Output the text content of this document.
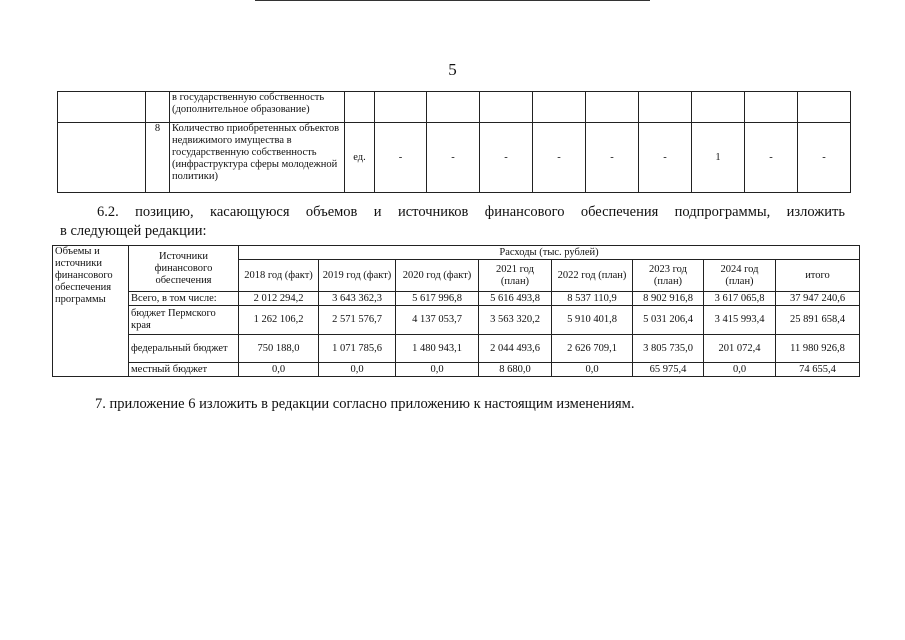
5
		в государственную собственность (дополнительное образование)										
	8	Количество приобретенных объектов недвижимого имущества в государственную собственность (инфраструктура сферы молодежной политики)	ед.	-	-	-	-	-	-	1	-	-
6.2. позицию, касающуюся объемов и источников финансового обеспечения подпрограммы, изложить
в следующей редакции:
Объемы и источники финансового обеспечения программы	Источники финансового обеспечения	Расходы (тыс. рублей)							
		2018 год (факт)	2019 год (факт)	2020 год (факт)	2021 год (план)	2022 год (план)	2023 год (план)	2024 год (план)	итого
	Всего, в том числе:	2 012 294,2	3 643 362,3	5 617 996,8	5 616 493,8	8 537 110,9	8 902 916,8	3 617 065,8	37 947 240,6
	бюджет Пермского края	1 262 106,2	2 571 576,7	4 137 053,7	3 563 320,2	5 910 401,8	5 031 206,4	3 415 993,4	25 891 658,4
	федеральный бюджет	750 188,0	1 071 785,6	1 480 943,1	2 044 493,6	2 626 709,1	3 805 735,0	201 072,4	11 980 926,8
	местный бюджет	0,0	0,0	0,0	8 680,0	0,0	65 975,4	0,0	74 655,4
7. приложение 6 изложить в редакции согласно приложению к настоящим изменениям.
